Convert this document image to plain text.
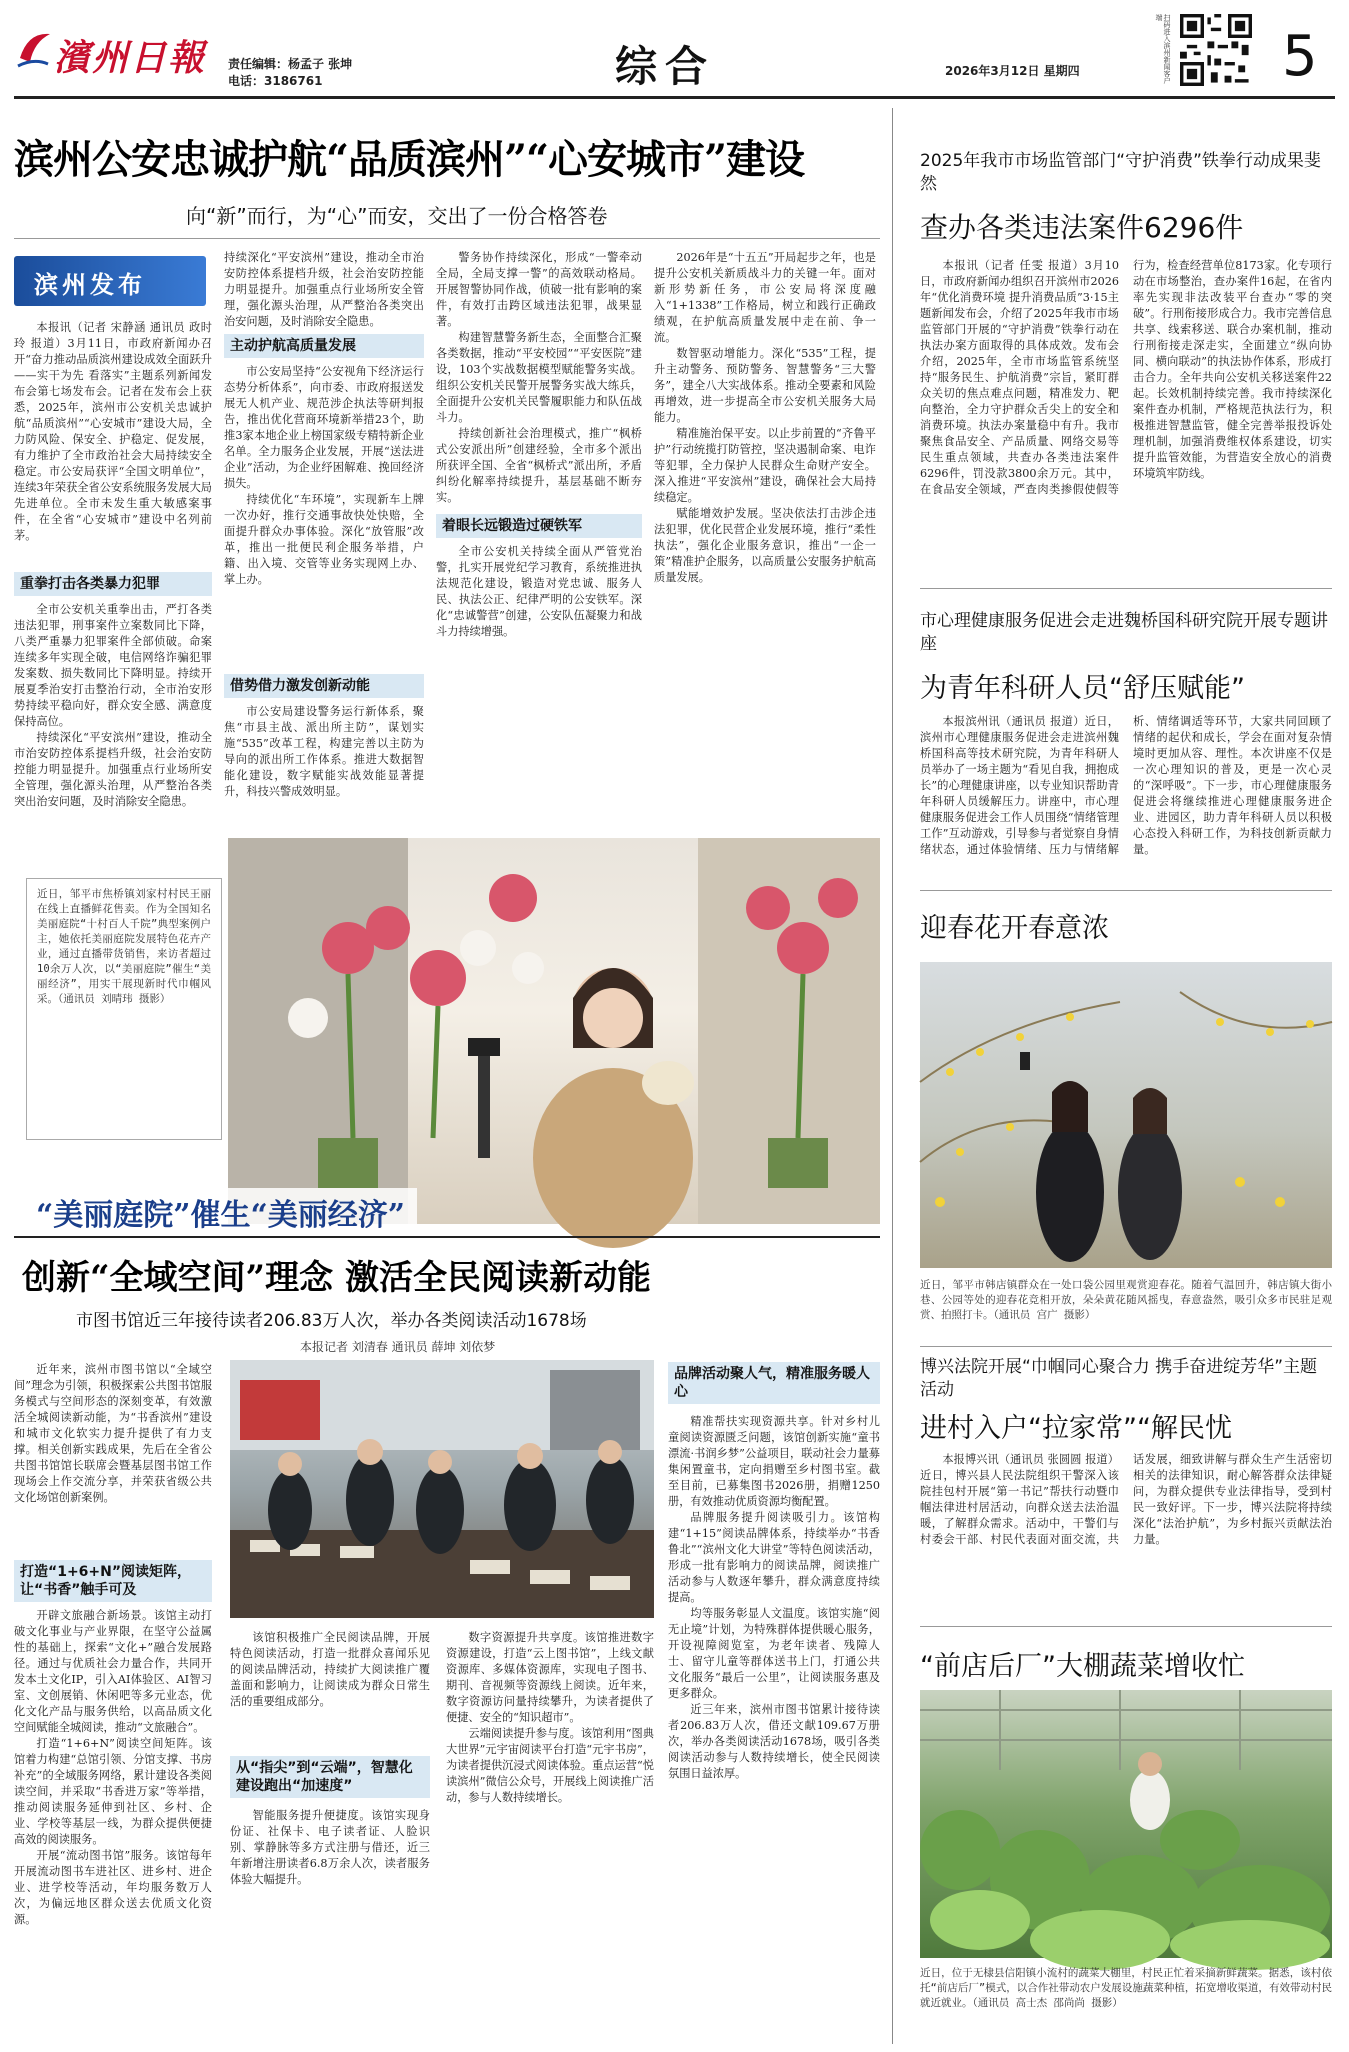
濱州日報 责任编辑：杨孟子 张坤
电话：3186761	综合	2026年3月12日 星期四	扫码进入滨州新闻客户端
5
滨州公安忠诚护航“品质滨州”“心安城市”建设
向“新”而行，为“心”而安，交出了一份合格答卷
滨州发布

本报讯（记者 宋静涵 通讯员 政时玲 报道）3月11日，市政府新闻办召开“奋力推动品质滨州建设成效全面跃升——实干为先 看落实”主题系列新闻发布会第七场发布会。记者在发布会上获悉，2025年，滨州市公安机关忠诚护航“品质滨州”“心安城市”建设大局，全力防风险、保安全、护稳定、促发展，有力维护了全市政治社会大局持续安全稳定。市公安局获评“全国文明单位”，连续3年荣获全省公安系统服务发展大局先进单位。全市未发生重大敏感案事件，在全省“心安城市”建设中名列前茅。

重拳打击各类暴力犯罪

全市公安机关重拳出击，严打各类违法犯罪，刑事案件立案数同比下降，八类严重暴力犯罪案件全部侦破。命案连续多年实现全破，电信网络诈骗犯罪发案数、损失数同比下降明显。持续开展夏季治安打击整治行动，全市治安形势持续平稳向好，群众安全感、满意度保持高位。

持续深化“平安滨州”建设，推动全市治安防控体系提档升级，社会治安防控能力明显提升。加强重点行业场所安全管理，强化源头治理，从严整治各类突出治安问题，及时消除安全隐患。

持续深化“平安滨州”建设，推动全市治安防控体系提档升级，社会治安防控能力明显提升。加强重点行业场所安全管理，强化源头治理，从严整治各类突出治安问题，及时消除安全隐患。

主动护航高质量发展

市公安局坚持“公安视角下经济运行态势分析体系”，向市委、市政府报送发展无人机产业、规范涉企执法等研判报告，推出优化营商环境新举措23个，助推3家本地企业上榜国家级专精特新企业名单。全力服务企业发展，开展“送法进企业”活动，为企业纾困解难、挽回经济损失。

持续优化“车环境”，实现新车上牌一次办好，推行交通事故快处快赔，全面提升群众办事体验。深化“放管服”改革，推出一批便民利企服务举措，户籍、出入境、交管等业务实现网上办、掌上办。

借势借力激发创新动能

市公安局建设警务运行新体系，聚焦“市县主战、派出所主防”，谋划实施“535”改革工程，构建完善以主防为导向的派出所工作体系。推进大数据智能化建设，数字赋能实战效能显著提升，科技兴警成效明显。

警务协作持续深化，形成“一警牵动全局，全局支撑一警”的高效联动格局。开展智警协同作战，侦破一批有影响的案件，有效打击跨区域违法犯罪，战果显著。

构建智慧警务新生态，全面整合汇聚各类数据，推动“平安校园”“平安医院”建设，103个实战数据模型赋能警务实战。组织公安机关民警开展警务实战大练兵，全面提升公安机关民警履职能力和队伍战斗力。

持续创新社会治理模式，推广“枫桥式公安派出所”创建经验，全市多个派出所获评全国、全省“枫桥式”派出所，矛盾纠纷化解率持续提升，基层基础不断夯实。

着眼长远锻造过硬铁军

全市公安机关持续全面从严管党治警，扎实开展党纪学习教育，系统推进执法规范化建设，锻造对党忠诚、服务人民、执法公正、纪律严明的公安铁军。深化“忠诚警营”创建，公安队伍凝聚力和战斗力持续增强。

2026年是“十五五”开局起步之年，也是提升公安机关新质战斗力的关键一年。面对新形势新任务，市公安局将深度融入“1+1338”工作格局，树立和践行正确政绩观，在护航高质量发展中走在前、争一流。

数智驱动增能力。深化“535”工程，提升主动警务、预防警务、智慧警务“三大警务”，建全八大实战体系。推动全要素和风险再增效，进一步提高全市公安机关服务大局能力。

精准施治保平安。以止步前置的“齐鲁平护”行动统揽打防管控，坚决遏制命案、电诈等犯罪，全力保护人民群众生命财产安全。深入推进“平安滨州”建设，确保社会大局持续稳定。

赋能增效护发展。坚决依法打击涉企违法犯罪，优化民营企业发展环境，推行“柔性执法”，强化企业服务意识，推出“一企一策”精准护企服务，以高质量公安服务护航高质量发展。

近日，邹平市焦桥镇刘家村村民王丽在线上直播鲜花售卖。作为全国知名美丽庭院“十村百人千院”典型案例户主，她依托美丽庭院发展特色花卉产业，通过直播带货销售，来访者超过10余万人次，以“美丽庭院”催生“美丽经济”，用实干展现新时代巾帼风采。（通讯员 刘晴玮 摄影）
“美丽庭院”催生“美丽经济”
创新“全域空间”理念 激活全民阅读新动能
市图书馆近三年接待读者206.83万人次，举办各类阅读活动1678场
本报记者 刘清春 通讯员 薛坤 刘依梦

近年来，滨州市图书馆以“全域空间”理念为引领，积极探索公共图书馆服务模式与空间形态的深刻变革，有效激活全城阅读新动能，为“书香滨州”建设和城市文化软实力提升提供了有力支撑。相关创新实践成果，先后在全省公共图书馆馆长联席会暨基层图书馆工作现场会上作交流分享，并荣获省级公共文化场馆创新案例。

打造“1+6+N”阅读矩阵，让“书香”触手可及

开辟文旅融合新场景。该馆主动打破文化事业与产业界限，在坚守公益属性的基础上，探索“文化+”融合发展路径。通过与优质社会力量合作，共同开发本土文化IP，引入AI体验区、AI智习室、文创展销、休闲吧等多元业态，优化文化产品与服务供给，以高品质文化空间赋能全城阅读，推动“文旅融合”。

打造“1+6+N”阅读空间矩阵。该馆着力构建“总馆引领、分馆支撑、书房补充”的全域服务网络，累计建设各类阅读空间，并采取“书香进万家”等举措，推动阅读服务延伸到社区、乡村、企业、学校等基层一线，为群众提供便捷高效的阅读服务。

开展“流动图书馆”服务。该馆每年开展流动图书车进社区、进乡村、进企业、进学校等活动，年均服务数万人次，为偏远地区群众送去优质文化资源。

品牌活动聚人气，精准服务暖人心

精准帮扶实现资源共享。针对乡村儿童阅读资源匮乏问题，该馆创新实施“童书漂流·书润乡梦”公益项目，联动社会力量募集闲置童书，定向捐赠至乡村图书室。截至目前，已募集图书2026册，捐赠1250册，有效推动优质资源均衡配置。

品牌服务提升阅读吸引力。该馆构建“1+15”阅读品牌体系，持续举办“书香鲁北”“滨州文化大讲堂”等特色阅读活动，形成一批有影响力的阅读品牌，阅读推广活动参与人数逐年攀升，群众满意度持续提高。

均等服务彰显人文温度。该馆实施“阅无止境”计划，为特殊群体提供暖心服务，开设视障阅览室，为老年读者、残障人士、留守儿童等群体送书上门，打通公共文化服务“最后一公里”，让阅读服务惠及更多群众。

近三年来，滨州市图书馆累计接待读者206.83万人次，借还文献109.67万册次，举办各类阅读活动1678场，吸引各类阅读活动参与人数持续增长，使全民阅读氛围日益浓厚。

该馆积极推广全民阅读品牌，开展特色阅读活动，打造一批群众喜闻乐见的阅读品牌活动，持续扩大阅读推广覆盖面和影响力，让阅读成为群众日常生活的重要组成部分。

从“指尖”到“云端”，智慧化建设跑出“加速度”

智能服务提升便捷度。该馆实现身份证、社保卡、电子读者证、人脸识别、掌静脉等多方式注册与借还，近三年新增注册读者6.8万余人次，读者服务体验大幅提升。

数字资源提升共享度。该馆推进数字资源建设，打造“云上图书馆”，上线文献资源库、多媒体资源库，实现电子图书、期刊、音视频等资源线上阅读。近年来，数字资源访问量持续攀升，为读者提供了便捷、安全的“知识超市”。

云端阅读提升参与度。该馆利用“图典大世界”元宇宙阅读平台打造“元宇书房”，为读者提供沉浸式阅读体验。重点运营“悦读滨州”微信公众号，开展线上阅读推广活动，参与人数持续增长。

2025年我市市场监管部门“守护消费”铁拳行动成果斐然
查办各类违法案件6296件

本报讯（记者 任雯 报道）3月10日，市政府新闻办组织召开滨州市2026年“优化消费环境 提升消费品质”3·15主题新闻发布会，介绍了2025年我市市场监管部门开展的“守护消费”铁拳行动在执法办案方面取得的具体成效。发布会介绍，2025年，全市市场监管系统坚持“服务民生、护航消费”宗旨，紧盯群众关切的焦点难点问题，精准发力、靶向整治，全力守护群众舌尖上的安全和消费环境。执法办案量稳中有升。我市聚焦食品安全、产品质量、网络交易等民生重点领域，共查办各类违法案件6296件，罚没款3800余万元。其中，在食品安全领域，严查肉类掺假使假等行为，检查经营单位8173家。化专项行动在市场整治，查办案件16起，在省内率先实现非法改装平台查办“零的突破”。行刑衔接形成合力。我市完善信息共享、线索移送、联合办案机制，推动行刑衔接走深走实，全面建立“纵向协同、横向联动”的执法协作体系，形成打击合力。全年共向公安机关移送案件22起。长效机制持续完善。我市持续深化案件查办机制，严格规范执法行为，积极推进智慧监管，健全完善举报投诉处理机制，加强消费维权体系建设，切实提升监管效能，为营造安全放心的消费环境筑牢防线。

市心理健康服务促进会走进魏桥国科研究院开展专题讲座
为青年科研人员“舒压赋能”

本报滨州讯（通讯员 报道）近日，滨州市心理健康服务促进会走进滨州魏桥国科高等技术研究院，为青年科研人员举办了一场主题为“看见自我，拥抱成长”的心理健康讲座，以专业知识帮助青年科研人员缓解压力。讲座中，市心理健康服务促进会工作人员围绕“情绪管理工作”互动游戏，引导参与者觉察自身情绪状态，通过体验情绪、压力与情绪解析、情绪调适等环节，大家共同回顾了情绪的起伏和成长，学会在面对复杂情境时更加从容、理性。本次讲座不仅是一次心理知识的普及，更是一次心灵的“深呼吸”。下一步，市心理健康服务促进会将继续推进心理健康服务进企业、进园区，助力青年科研人员以积极心态投入科研工作，为科技创新贡献力量。

迎春花开春意浓
近日，邹平市韩店镇群众在一处口袋公园里观赏迎春花。随着气温回升，韩店镇大街小巷、公园等处的迎春花竞相开放，朵朵黄花随风摇曳，春意盎然，吸引众多市民驻足观赏、拍照打卡。（通讯员 宫广 摄影）
博兴法院开展“巾帼同心聚合力 携手奋进绽芳华”主题活动
进村入户“拉家常”“解民忧

本报博兴讯（通讯员 张圆圆 报道）近日，博兴县人民法院组织干警深入该院挂包村开展“第一书记”帮扶行动暨巾帼法律进村居活动，向群众送去法治温暖，了解群众需求。活动中，干警们与村委会干部、村民代表面对面交流，共话发展，细致讲解与群众生产生活密切相关的法律知识，耐心解答群众法律疑问，为群众提供专业法律指导，受到村民一致好评。下一步，博兴法院将持续深化“法治护航”，为乡村振兴贡献法治力量。

“前店后厂”大棚蔬菜增收忙
近日，位于无棣县信阳镇小流村的蔬菜大棚里，村民正忙着采摘新鲜蔬菜。据悉，该村依托“前店后厂”模式，以合作社带动农户发展设施蔬菜种植，拓宽增收渠道，有效带动村民就近就业。（通讯员 高士杰 邵尚尚 摄影）
